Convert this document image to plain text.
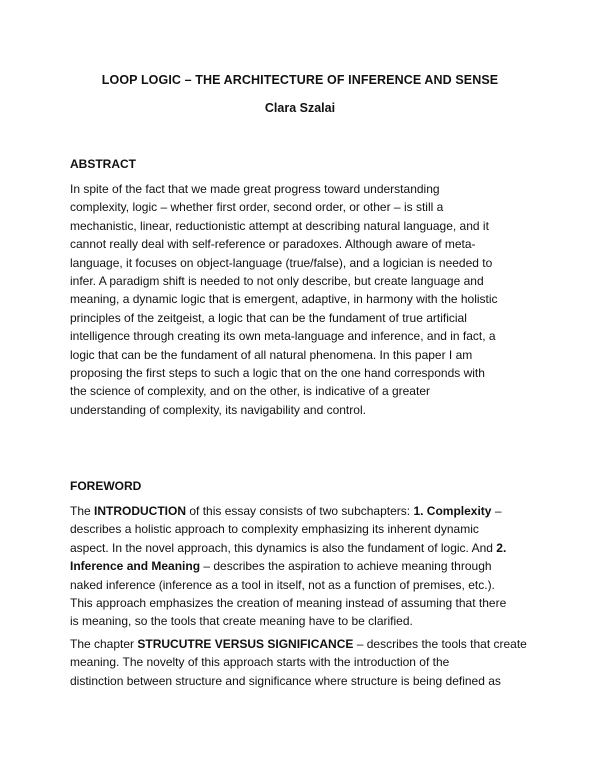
LOOP LOGIC – THE ARCHITECTURE OF INFERENCE AND SENSE
Clara Szalai
ABSTRACT
In spite of the fact that we made great progress toward understanding
complexity, logic – whether first order, second order, or other – is still a
mechanistic, linear, reductionistic attempt at describing natural language, and it
cannot really deal with self-reference or paradoxes. Although aware of meta-
language, it focuses on object-language (true/false), and a logician is needed to
infer. A paradigm shift is needed to not only describe, but create language and
meaning, a dynamic logic that is emergent, adaptive, in harmony with the holistic
principles of the zeitgeist, a logic that can be the fundament of true artificial
intelligence through creating its own meta-language and inference, and in fact, a
logic that can be the fundament of all natural phenomena. In this paper I am
proposing the first steps to such a logic that on the one hand corresponds with
the science of complexity, and on the other, is indicative of a greater
understanding of complexity, its navigability and control.
FOREWORD
The INTRODUCTION of this essay consists of two subchapters: 1. Complexity –
describes a holistic approach to complexity emphasizing its inherent dynamic
aspect. In the novel approach, this dynamics is also the fundament of logic. And 2.
Inference and Meaning – describes the aspiration to achieve meaning through
naked inference (inference as a tool in itself, not as a function of premises, etc.).
This approach emphasizes the creation of meaning instead of assuming that there
is meaning, so the tools that create meaning have to be clarified.
The chapter STRUCUTRE VERSUS SIGNIFICANCE – describes the tools that create
meaning. The novelty of this approach starts with the introduction of the
distinction between structure and significance where structure is being defined as
